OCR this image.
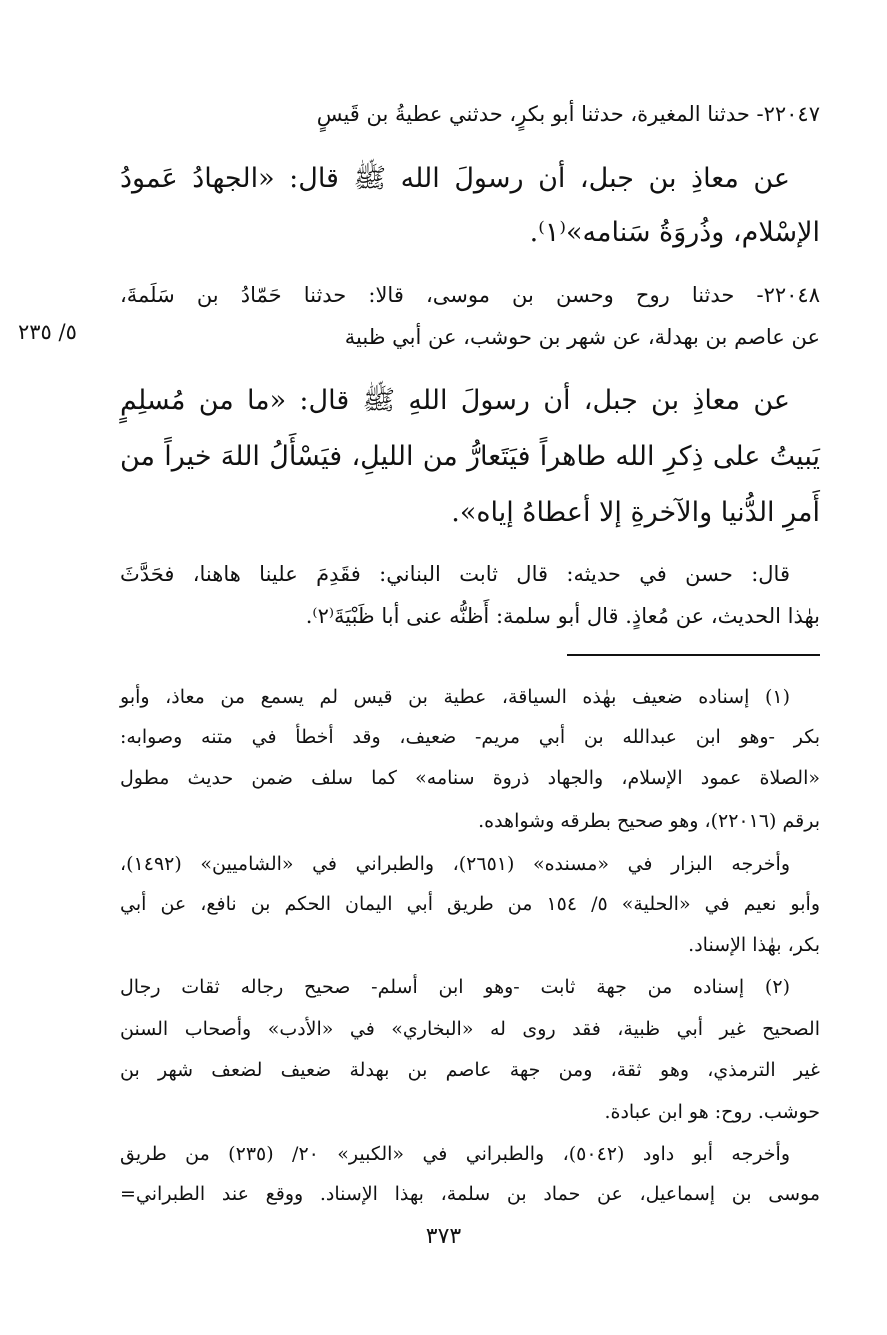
٥/ ٢٣٥

٢٢٠٤٧- حدثنا المغيرة، حدثنا أبو بكرٍ، حدثني عطيةُ بن قَيسٍ

عن معاذِ بن جبل، أن رسولَ الله ﷺ قال: «الجهادُ عَمودُ

الإسْلام، وذُروَةُ سَنامه»⁽١⁾.

٢٢٠٤٨- حدثنا روح وحسن بن موسى، قالا: حدثنا حَمّادُ بن سَلَمةَ،

عن عاصم بن بهدلة، عن شهر بن حوشب، عن أبي ظبية

عن معاذِ بن جبل، أن رسولَ اللهِ ﷺ قال: «ما من مُسلِمٍ

يَبيتُ على ذِكرِ الله طاهراً فيَتَعارُّ من الليلِ، فيَسْأَلُ اللهَ خيراً من

أَمرِ الدُّنيا والآخرةِ إلا أعطاهُ إياه».

قال: حسن في حديثه: قال ثابت البناني: فقَدِمَ علينا هاهنا، فحَدَّثَ

بهٰذا الحديث، عن مُعاذٍ. قال أبو سلمة: أَظنُّه عنى أبا ظَبْيَةَ⁽٢⁾.

(١) إسناده ضعيف بهٰذه السياقة، عطية بن قيس لم يسمع من معاذ، وأبو

بكر -وهو ابن عبدالله بن أبي مريم- ضعيف، وقد أخطأ في متنه وصوابه:

«الصلاة عمود الإسلام، والجهاد ذروة سنامه» كما سلف ضمن حديث مطول

برقم (٢٢٠١٦)، وهو صحيح بطرقه وشواهده.

وأخرجه البزار في «مسنده» (٢٦٥١)، والطبراني في «الشاميين» (١٤٩٢)،

وأبو نعيم في «الحلية» ٥/ ١٥٤ من طريق أبي اليمان الحكم بن نافع، عن أبي

بكر، بهٰذا الإسناد.

(٢) إسناده من جهة ثابت -وهو ابن أسلم- صحيح رجاله ثقات رجال

الصحيح غير أبي ظبية، فقد روى له «البخاري» في «الأدب» وأصحاب السنن

غير الترمذي، وهو ثقة، ومن جهة عاصم بن بهدلة ضعيف لضعف شهر بن

حوشب. روح: هو ابن عبادة.

وأخرجه أبو داود (٥٠٤٢)، والطبراني في «الكبير» ٢٠/ (٢٣٥) من طريق

موسى بن إسماعيل، عن حماد بن سلمة، بهذا الإسناد. ووقع عند الطبراني=

٣٧٣
